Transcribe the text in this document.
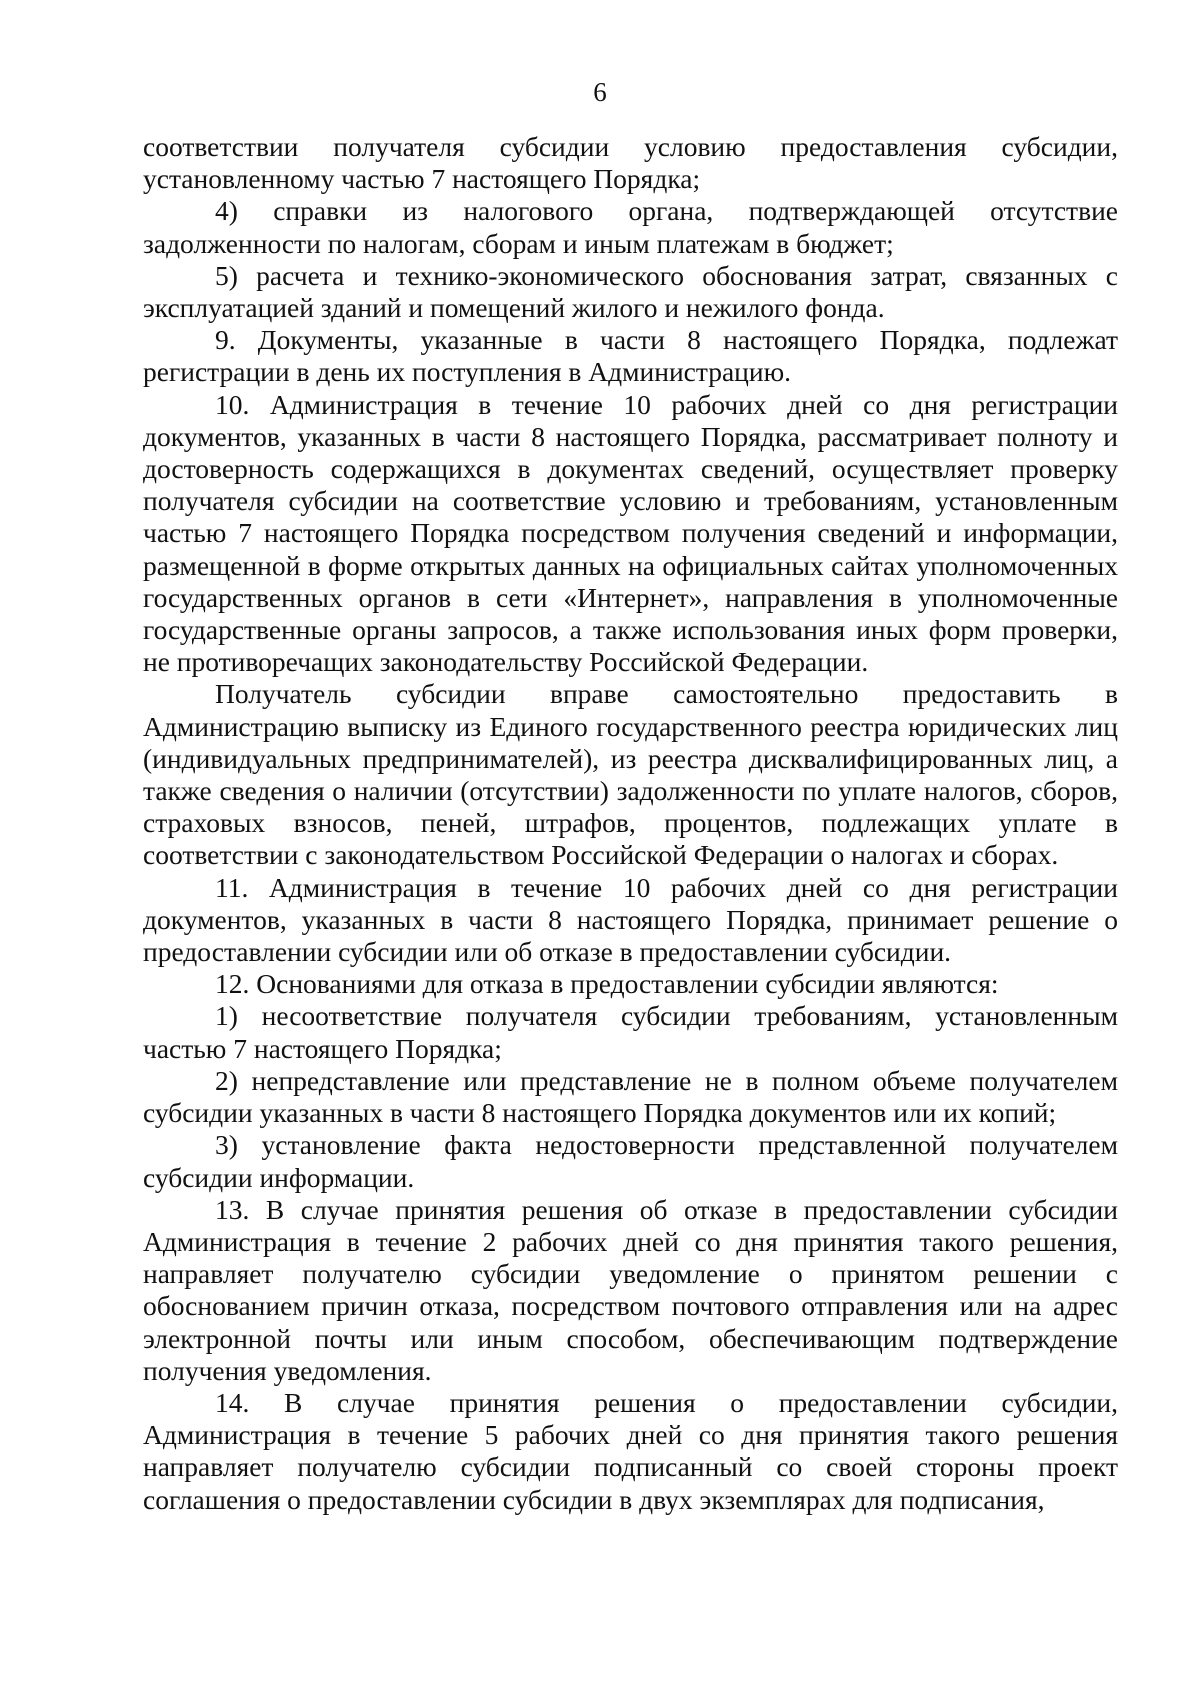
6

соответствии получателя субсидии условию предоставления субсидии, установленному частью 7 настоящего Порядка;

4) справки из налогового органа, подтверждающей отсутствие задолженности по налогам, сборам и иным платежам в бюджет;

5) расчета и технико-экономического обоснования затрат, связанных с эксплуатацией зданий и помещений жилого и нежилого фонда.

9. Документы, указанные в части 8 настоящего Порядка, подлежат регистрации в день их поступления в Администрацию.

10. Администрация в течение 10 рабочих дней со дня регистрации документов, указанных в части 8 настоящего Порядка, рассматривает полноту и достоверность содержащихся в документах сведений, осуществляет проверку получателя субсидии на соответствие условию и требованиям, установленным частью 7 настоящего Порядка посредством получения сведений и информации, размещенной в форме открытых данных на официальных сайтах уполномоченных государственных органов в сети «Интернет», направления в уполномоченные государственные органы запросов, а также использования иных форм проверки, не противоречащих законодательству Российской Федерации.

Получатель субсидии вправе самостоятельно предоставить в Администрацию выписку из Единого государственного реестра юридических лиц (индивидуальных предпринимателей), из реестра дисквалифицированных лиц, а также сведения о наличии (отсутствии) задолженности по уплате налогов, сборов, страховых взносов, пеней, штрафов, процентов, подлежащих уплате в соответствии с законодательством Российской Федерации о налогах и сборах.

11. Администрация в течение 10 рабочих дней со дня регистрации документов, указанных в части 8 настоящего Порядка, принимает решение о предоставлении субсидии или об отказе в предоставлении субсидии.

12. Основаниями для отказа в предоставлении субсидии являются:

1) несоответствие получателя субсидии требованиям, установленным частью 7 настоящего Порядка;

2) непредставление или представление не в полном объеме получателем субсидии указанных в части 8 настоящего Порядка документов или их копий;

3) установление факта недостоверности представленной получателем субсидии информации.

13. В случае принятия решения об отказе в предоставлении субсидии Администрация в течение 2 рабочих дней со дня принятия такого решения, направляет получателю субсидии уведомление о принятом решении с обоснованием причин отказа, посредством почтового отправления или на адрес электронной почты или иным способом, обеспечивающим подтверждение получения уведомления.

14. В случае принятия решения о предоставлении субсидии, Администрация в течение 5 рабочих дней со дня принятия такого решения направляет получателю субсидии подписанный со своей стороны проект соглашения о предоставлении субсидии в двух экземплярах для подписания,
